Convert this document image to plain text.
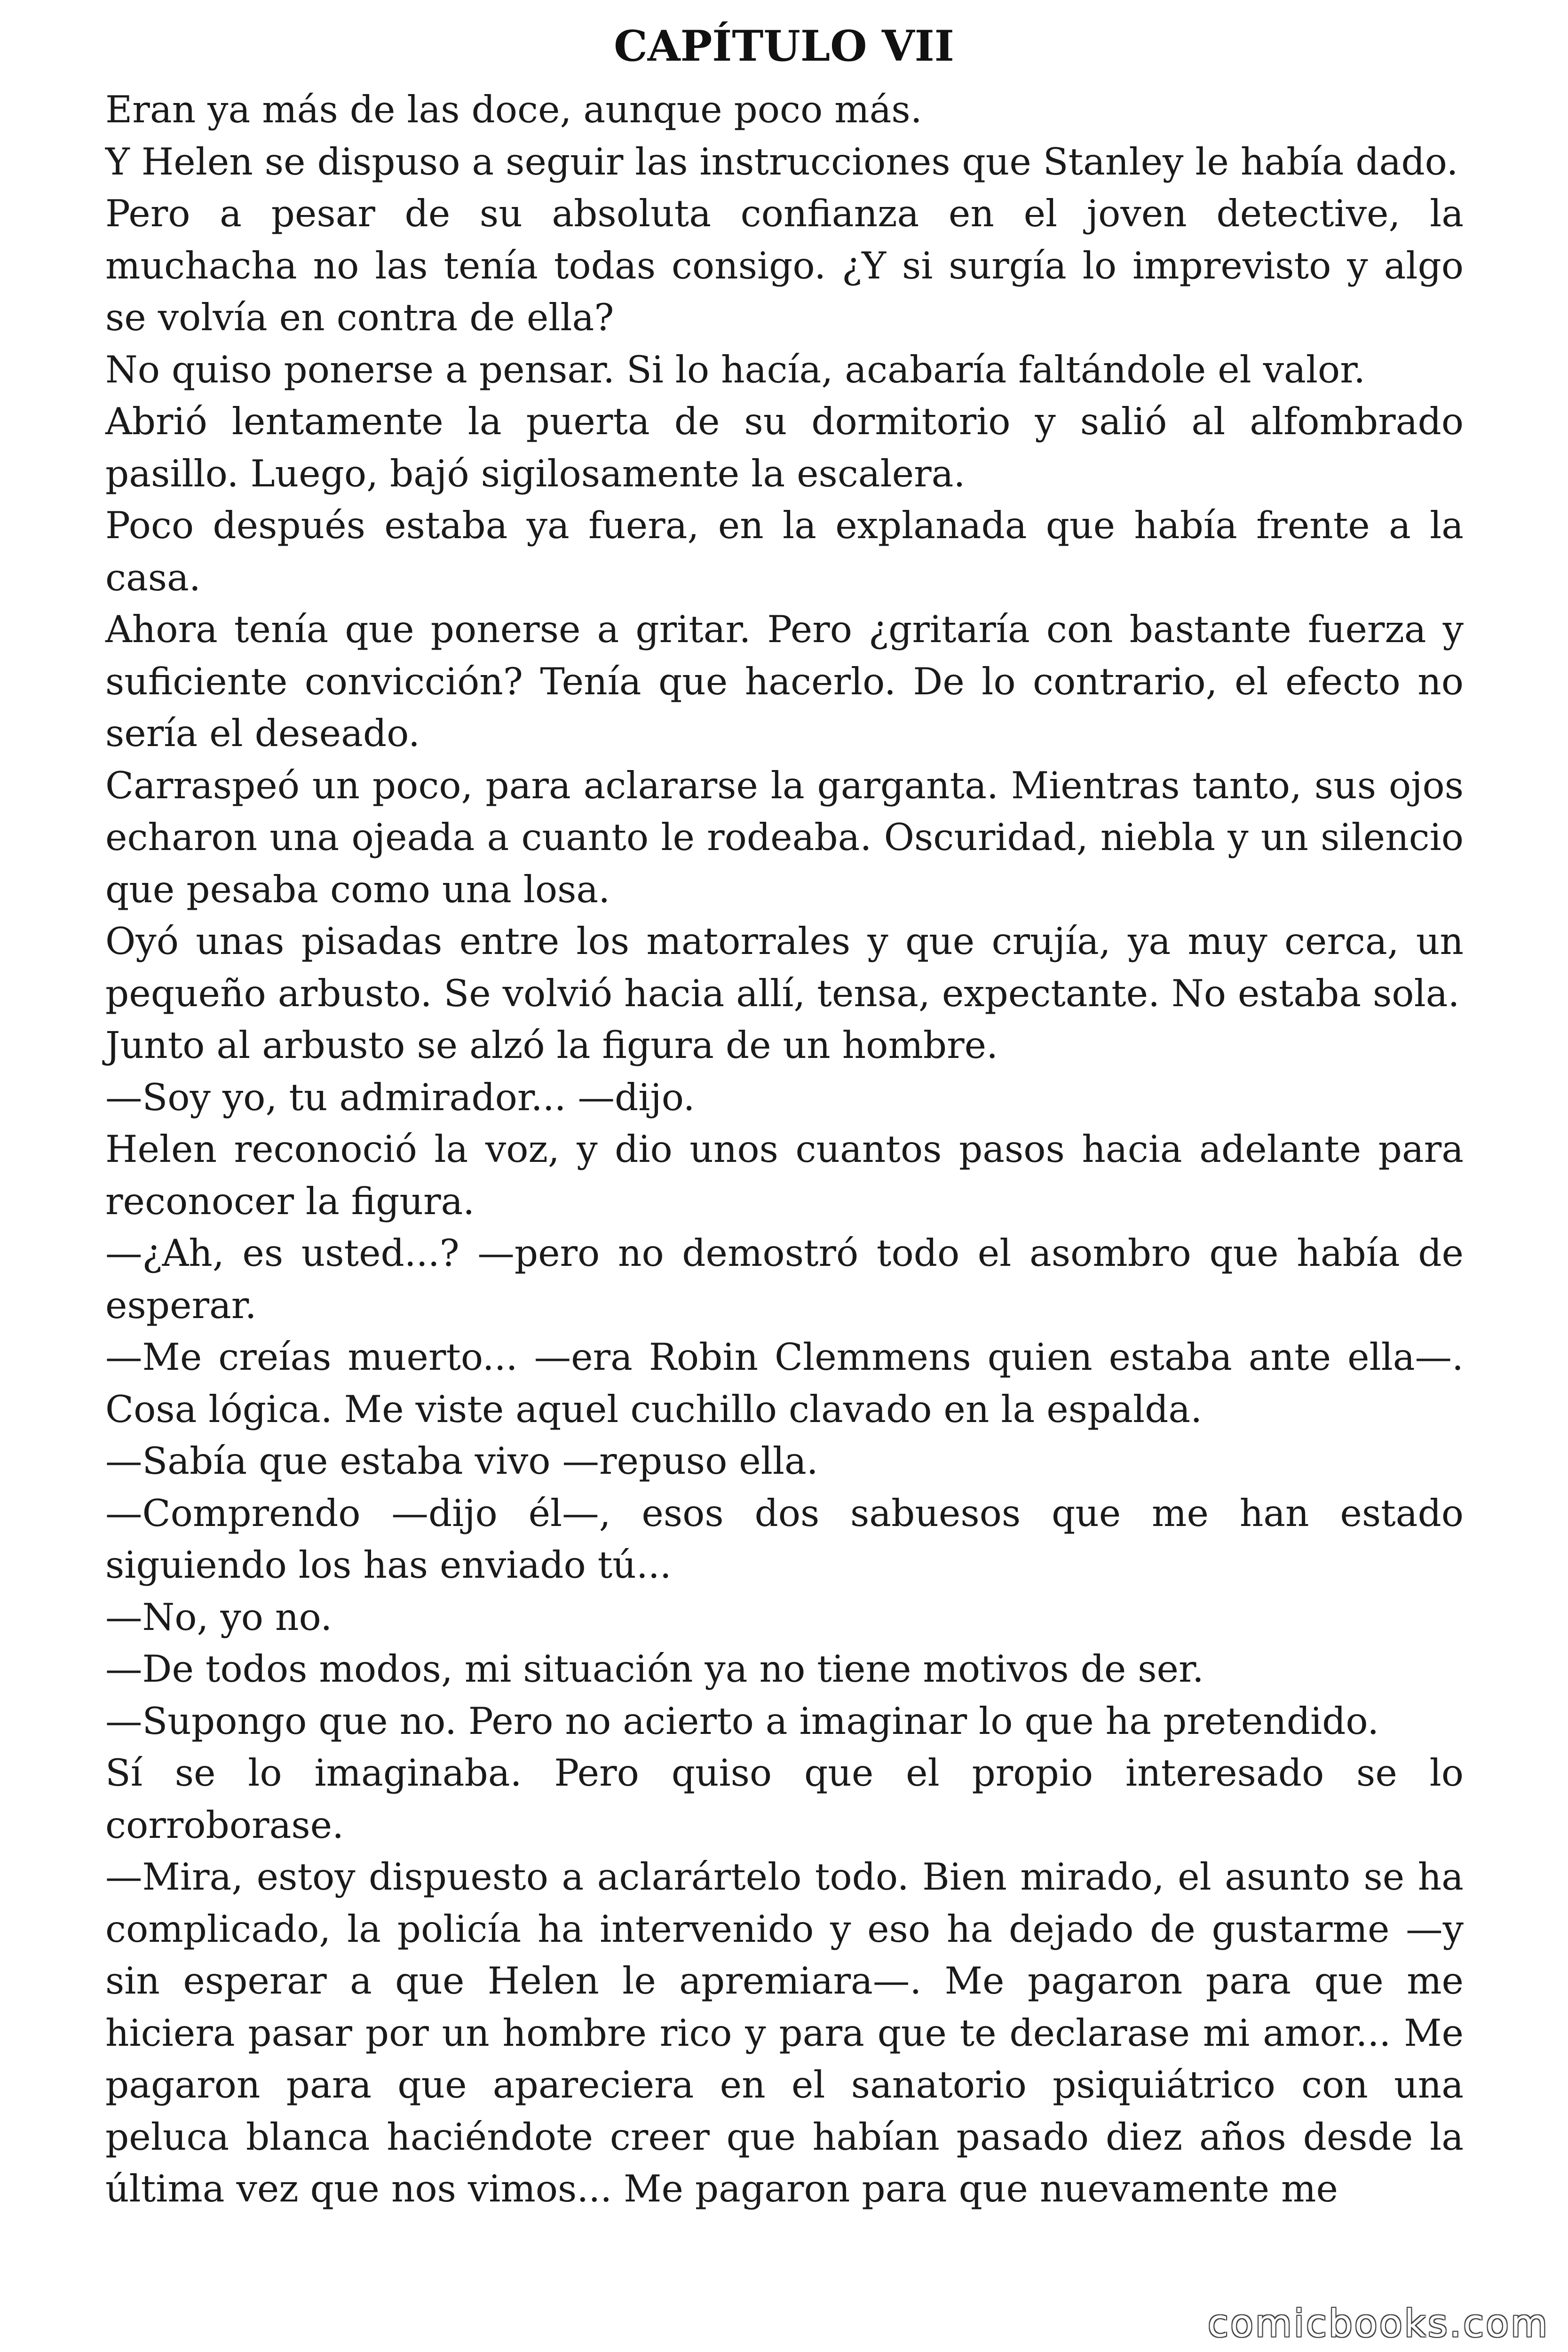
CAPÍTULO VII

Eran ya más de las doce, aunque poco más.

Y Helen se dispuso a seguir las instrucciones que Stanley le había dado.

Pero a pesar de su absoluta confianza en el joven detective, la muchacha no las tenía todas consigo. ¿Y si surgía lo imprevisto y algo se volvía en contra de ella?

No quiso ponerse a pensar. Si lo hacía, acabaría faltándole el valor.

Abrió lentamente la puerta de su dormitorio y salió al alfombrado pasillo. Luego, bajó sigilosamente la escalera.

Poco después estaba ya fuera, en la explanada que había frente a la casa.

Ahora tenía que ponerse a gritar. Pero ¿gritaría con bastante fuerza y suficiente convicción? Tenía que hacerlo. De lo contrario, el efecto no sería el deseado.

Carraspeó un poco, para aclararse la garganta. Mientras tanto, sus ojos echaron una ojeada a cuanto le rodeaba. Oscuridad, niebla y un silencio que pesaba como una losa.

Oyó unas pisadas entre los matorrales y que crujía, ya muy cerca, un pequeño arbusto. Se volvió hacia allí, tensa, expectante. No estaba sola.

Junto al arbusto se alzó la figura de un hombre.

—Soy yo, tu admirador... —dijo.

Helen reconoció la voz, y dio unos cuantos pasos hacia adelante para reconocer la figura.

—¿Ah, es usted...? —pero no demostró todo el asombro que había de esperar.

—Me creías muerto... —era Robin Clemmens quien estaba ante ella—. Cosa lógica. Me viste aquel cuchillo clavado en la espalda.

—Sabía que estaba vivo —repuso ella.

—Comprendo —dijo él—, esos dos sabuesos que me han estado siguiendo los has enviado tú...

—No, yo no.

—De todos modos, mi situación ya no tiene motivos de ser.

—Supongo que no. Pero no acierto a imaginar lo que ha pretendido.

Sí se lo imaginaba. Pero quiso que el propio interesado se lo corroborase.

—Mira, estoy dispuesto a aclarártelo todo. Bien mirado, el asunto se ha complicado, la policía ha intervenido y eso ha dejado de gustarme —y sin esperar a que Helen le apremiara—. Me pagaron para que me hiciera pasar por un hombre rico y para que te declarase mi amor... Me pagaron para que apareciera en el sanatorio psiquiátrico con una peluca blanca haciéndote creer que habían pasado diez años desde la última vez que nos vimos... Me pagaron para que nuevamente me

comicbooks.com
